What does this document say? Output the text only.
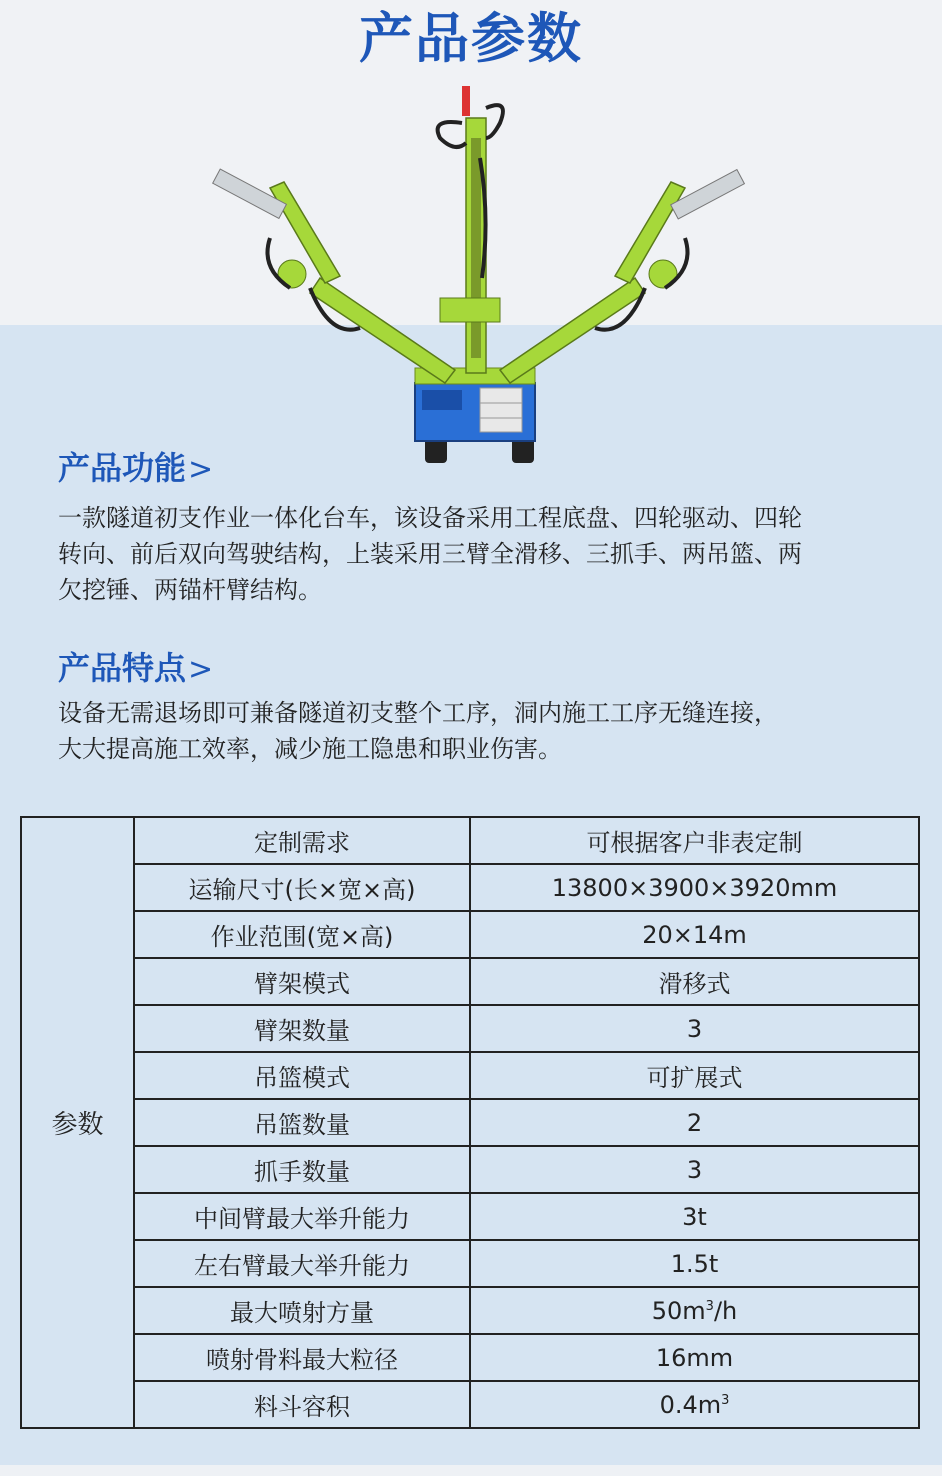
产品参数
产品功能>
一款隧道初支作业一体化台车，该设备采用工程底盘、四轮驱动、四轮
转向、前后双向驾驶结构，上装采用三臂全滑移、三抓手、两吊篮、两
欠挖锤、两锚杆臂结构。
产品特点>
设备无需退场即可兼备隧道初支整个工序，洞内施工工序无缝连接，
大大提高施工效率，减少施工隐患和职业伤害。
参数	定制需求	可根据客户非表定制
	运输尺寸(长×宽×高)	13800×3900×3920mm
	作业范围(宽×高)	20×14m
	臂架模式	滑移式
	臂架数量	3
	吊篮模式	可扩展式
	吊篮数量	2
	抓手数量	3
	中间臂最大举升能力	3t
	左右臂最大举升能力	1.5t
	最大喷射方量	$50m^3/h$
	喷射骨料最大粒径	16mm
	料斗容积	$0.4m^3$
